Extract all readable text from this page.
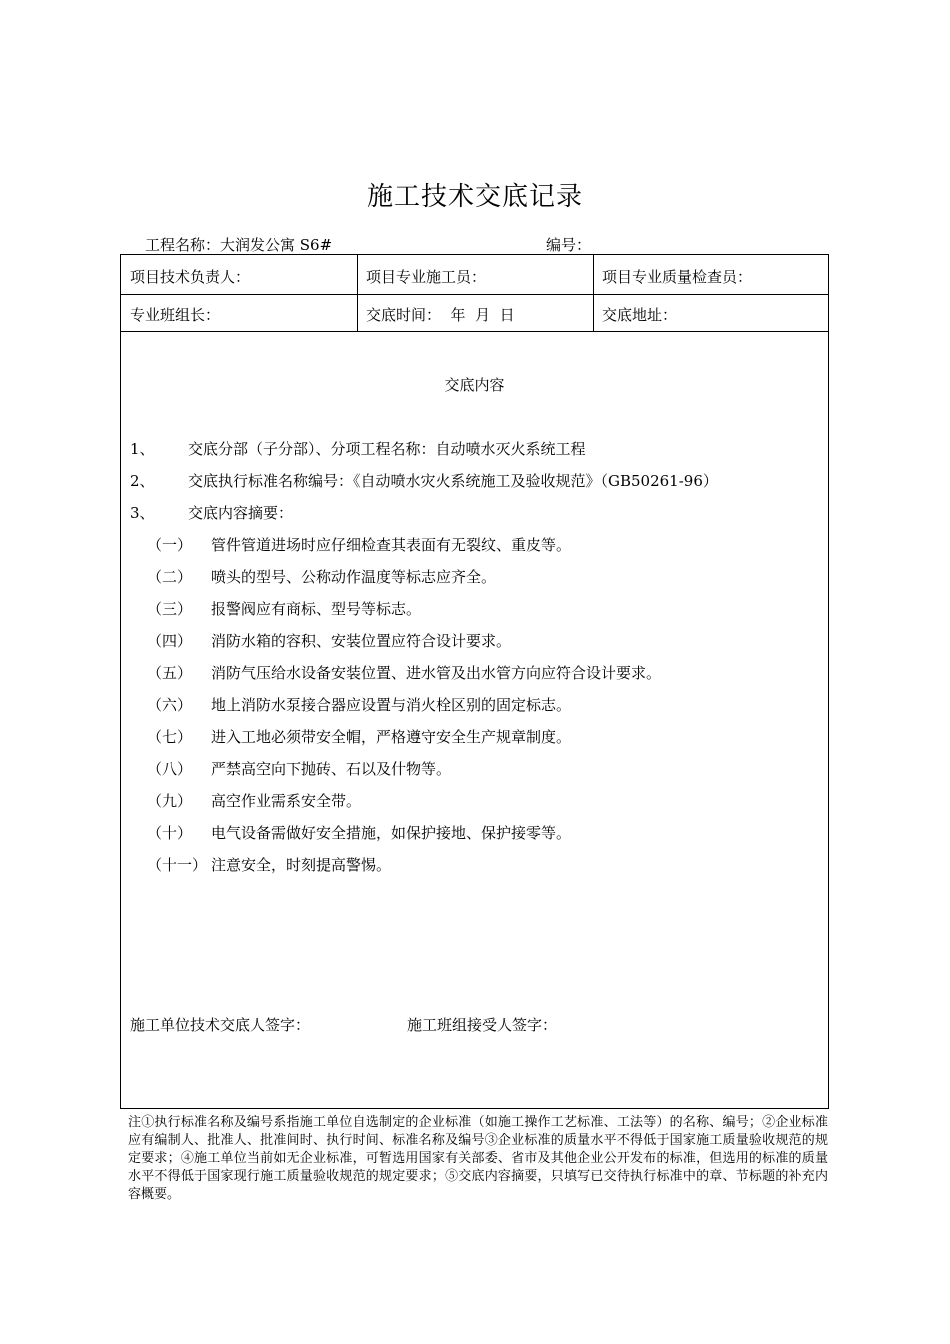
施工技术交底记录
工程名称：大润发公寓 S6#	编号：
项目技术负责人：	项目专业施工员：	项目专业质量检查员：
专业班组长：	交底时间：  年  月  日	交底地址：
交底内容
1、 交底分部（子分部）、分项工程名称：自动喷水灭火系统工程
2、 交底执行标准名称编号：《自动喷水灾火系统施工及验收规范》（GB50261-96）
3、 交底内容摘要：
（一） 管件管道进场时应仔细检查其表面有无裂纹、重皮等。
（二） 喷头的型号、公称动作温度等标志应齐全。
（三） 报警阀应有商标、型号等标志。
（四） 消防水箱的容积、安装位置应符合设计要求。
（五） 消防气压给水设备安装位置、进水管及出水管方向应符合设计要求。
（六） 地上消防水泵接合器应设置与消火栓区别的固定标志。
（七） 进入工地必须带安全帽，严格遵守安全生产规章制度。
（八） 严禁高空向下抛砖、石以及什物等。
（九） 高空作业需系安全带。
（十） 电气设备需做好安全措施，如保护接地、保护接零等。
（十一） 注意安全，时刻提高警惕。
施工单位技术交底人签字：	施工班组接受人签字：
注①执行标准名称及编号系指施工单位自选制定的企业标准（如施工操作工艺标准、工法等）的名称、编号；②企业标准应有编制人、批准人、批准间时、执行时间、标准名称及编号③企业标准的质量水平不得低于国家施工质量验收规范的规定要求；④施工单位当前如无企业标准，可暂选用国家有关部委、省市及其他企业公开发布的标准，但选用的标准的质量水平不得低于国家现行施工质量验收规范的规定要求；⑤交底内容摘要，只填写已交待执行标准中的章、节标题的补充内容概要。
